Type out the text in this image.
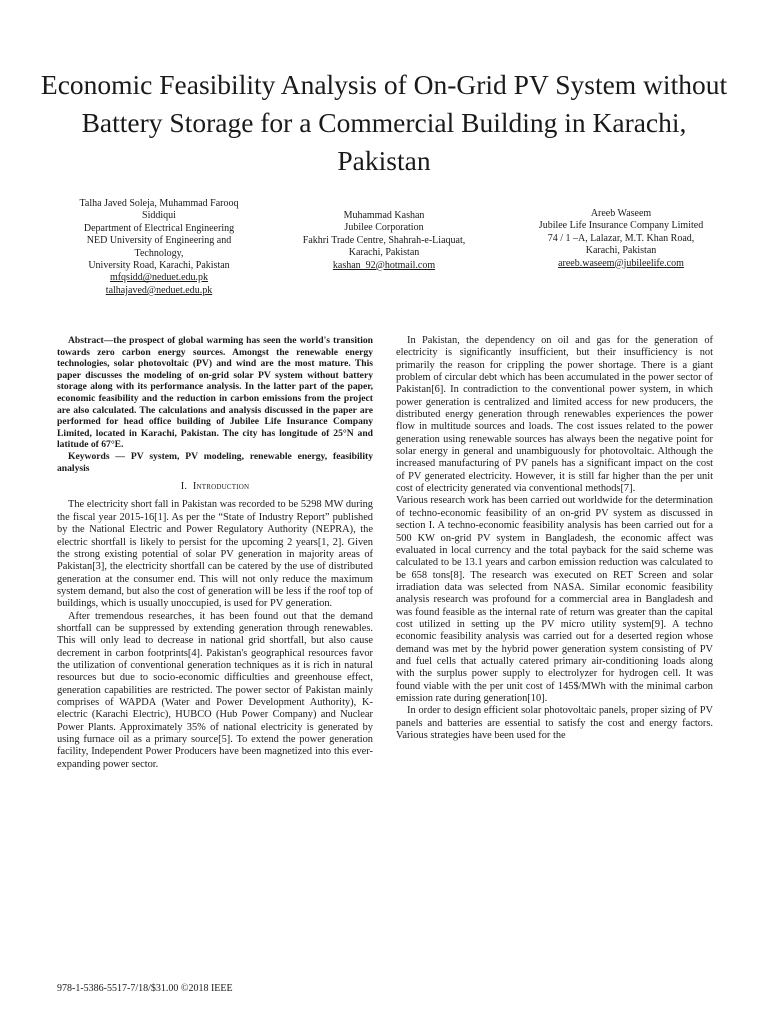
Economic Feasibility Analysis of On-Grid PV System without Battery Storage for a Commercial Building in Karachi, Pakistan
Talha Javed Soleja, Muhammad Farooq
Siddiqui
Department of Electrical Engineering
NED University of Engineering and
Technology,
University Road, Karachi, Pakistan
mfqsidd@neduet.edu.pk
talhajaved@neduet.edu.pk
Muhammad Kashan
Jubilee Corporation
Fakhri Trade Centre, Shahrah-e-Liaquat,
Karachi, Pakistan
kashan_92@hotmail.com
Areeb Waseem
Jubilee Life Insurance Company Limited
74 / 1 –A, Lalazar, M.T. Khan Road,
Karachi, Pakistan
areeb.waseem@jubileelife.com

Abstract—the prospect of global warming has seen the world's transition towards zero carbon energy sources. Amongst the renewable energy technologies, solar photovoltaic (PV) and wind are the most mature. This paper discusses the modeling of on-grid solar PV system without battery storage along with its performance analysis. In the latter part of the paper, economic feasibility and the reduction in carbon emissions from the project are also calculated. The calculations and analysis discussed in the paper are performed for head office building of Jubilee Life Insurance Company Limited, located in Karachi, Pakistan. The city has longitude of 25°N and latitude of 67°E.

Keywords — PV system, PV modeling, renewable energy, feasibility analysis

I. Introduction

The electricity short fall in Pakistan was recorded to be 5298 MW during the fiscal year 2015-16[1]. As per the “State of Industry Report” published by the National Electric and Power Regulatory Authority (NEPRA), the electric shortfall is likely to persist for the upcoming 2 years[1, 2]. Given the strong existing potential of solar PV generation in majority areas of Pakistan[3], the electricity shortfall can be catered by the use of distributed generation at the consumer end. This will not only reduce the maximum system demand, but also the cost of generation will be less if the roof top of buildings, which is usually unoccupied, is used for PV generation.

After tremendous researches, it has been found out that the demand shortfall can be suppressed by extending generation through renewables. This will only lead to decrease in national grid shortfall, but also cause decrement in carbon footprints[4]. Pakistan's geographical resources favor the utilization of conventional generation techniques as it is rich in natural resources but due to socio-economic difficulties and greenhouse effect, generation capabilities are restricted. The power sector of Pakistan mainly comprises of WAPDA (Water and Power Development Authority), K-electric (Karachi Electric), HUBCO (Hub Power Company) and Nuclear Power Plants. Approximately 35% of national electricity is generated by using furnace oil as a primary source[5]. To extend the power generation facility, Independent Power Producers have been magnetized into this ever-expanding power sector.

In Pakistan, the dependency on oil and gas for the generation of electricity is significantly insufficient, but their insufficiency is not primarily the reason for crippling the power shortage. There is a giant problem of circular debt which has been accumulated in the power sector of Pakistan[6]. In contradiction to the conventional power system, in which power generation is centralized and limited access for new producers, the distributed energy generation through renewables experiences the power flow in multitude sources and loads. The cost issues related to the power generation using renewable sources has always been the negative point for solar energy in general and unambiguously for photovoltaic. Although the increased manufacturing of PV panels has a significant impact on the cost of PV generated electricity. However, it is still far higher than the per unit cost of electricity generated via conventional methods[7].

Various research work has been carried out worldwide for the determination of techno-economic feasibility of an on-grid PV system as discussed in section I. A techno-economic feasibility analysis has been carried out for a 500 KW on-grid PV system in Bangladesh, the economic affect was evaluated in local currency and the total payback for the said scheme was calculated to be 13.1 years and carbon emission reduction was calculated to be 658 tons[8]. The research was executed on RET Screen and solar irradiation data was selected from NASA. Similar economic feasibility analysis research was profound for a commercial area in Bangladesh and was found feasible as the internal rate of return was greater than the capital cost utilized in setting up the PV micro utility system[9]. A techno economic feasibility analysis was carried out for a deserted region whose demand was met by the hybrid power generation system consisting of PV and fuel cells that actually catered primary air-conditioning loads along with the surplus power supply to electrolyzer for hydrogen cell. It was found viable with the per unit cost of 145$/MWh with the minimal carbon emission rate during generation[10].

In order to design efficient solar photovoltaic panels, proper sizing of PV panels and batteries are essential to satisfy the cost and energy factors. Various strategies have been used for the

978-1-5386-5517-7/18/$31.00 ©2018 IEEE
